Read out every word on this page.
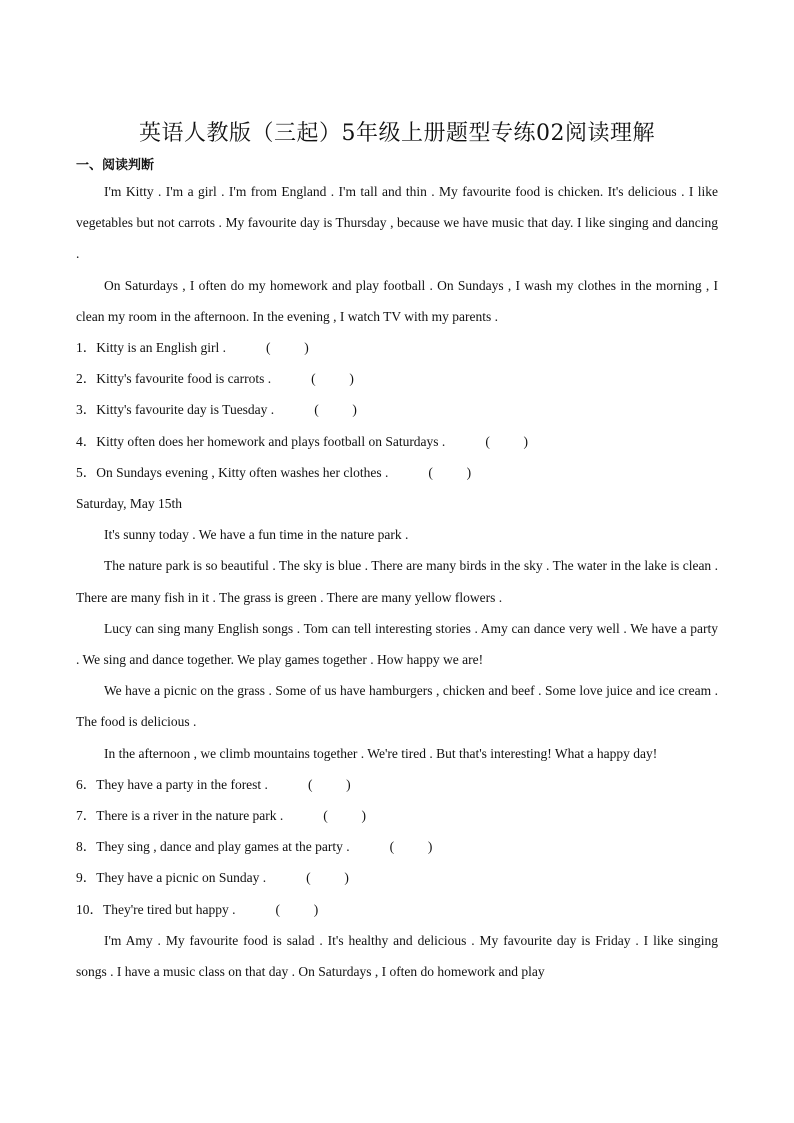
英语人教版（三起）5年级上册题型专练02阅读理解
一、阅读判断

I'm Kitty . I'm a girl . I'm from England . I'm tall and thin . My favourite food is chicken. It's delicious . I like vegetables but not carrots . My favourite day is Thursday , because we have music that day. I like singing and dancing .

On Saturdays , I often do my homework and play football . On Sundays , I wash my clothes in the morning , I clean my room in the afternoon. In the evening , I watch TV with my parents .

1．Kitty is an English girl .	(          )

2．Kitty's favourite food is carrots .	(          )

3．Kitty's favourite day is Tuesday .	(          )

4．Kitty often does her homework and plays football on Saturdays .	(          )

5．On Sundays evening , Kitty often washes her clothes .	(          )

Saturday, May 15th

It's sunny today . We have a fun time in the nature park .

The nature park is so beautiful . The sky is blue . There are many birds in the sky . The water in the lake is clean . There are many fish in it . The grass is green . There are many yellow flowers .

Lucy can sing many English songs . Tom can tell interesting stories . Amy can dance very well . We have a party . We sing and dance together. We play games together . How happy we are!

We have a picnic on the grass . Some of us have hamburgers , chicken and beef . Some love juice and ice cream . The food is delicious .

In the afternoon , we climb mountains together . We're tired . But that's interesting! What a happy day!

6．They have a party in the forest .	(          )

7．There is a river in the nature park .	(          )

8．They sing , dance and play games at the party .	(          )

9．They have a picnic on Sunday .	(          )

10．They're tired but happy .	(          )

I'm Amy . My favourite food is salad . It's healthy and delicious . My favourite day is Friday . I like singing songs . I have a music class on that day . On Saturdays , I often do homework and play
